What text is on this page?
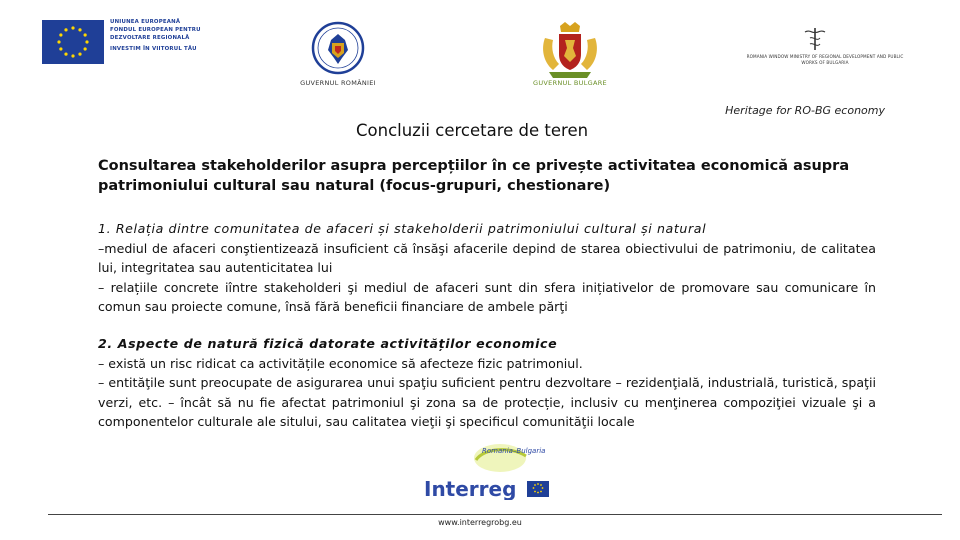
UNIUNEA EUROPEANĂ
FONDUL EUROPEAN PENTRU
DEZVOLTARE REGIONALĂ
INVESTIM ÎN VIITORUL TĂU
GUVERNUL ROMÂNIEI	GUVERNUL BULGARE
ROMANIA WINDOW MINISTRY OF REGIONAL DEVELOPMENT AND PUBLIC WORKS OF BULGARIA
Heritage for RO-BG economy
Concluzii cercetare de teren
Consultarea stakeholderilor asupra percepțiilor în ce privește activitatea economică asupra patrimoniului cultural sau natural (focus-grupuri, chestionare)
1. Relația dintre comunitatea de afaceri și stakeholderii patrimoniului cultural și natural
–mediul de afaceri conştientizează insuficient că însăşi afacerile depind de starea obiectivului de patrimoniu, de calitatea lui, integritatea sau autenticitatea lui
– relațiile concrete iîntre stakeholderi şi mediul de afaceri sunt din sfera inițiativelor de promovare sau comunicare în comun sau proiecte comune, însă fără beneficii financiare de ambele părţi
2. Aspecte de natură fizică datorate activităților economice
– există un risc ridicat ca activitățile economice să afecteze fizic patrimoniul.
– entităţile sunt preocupate de asigurarea unui spaţiu suficient pentru dezvoltare – rezidenţială, industrială, turistică, spaţii verzi, etc. – încât să nu fie afectat patrimoniul şi zona sa de protecție, inclusiv cu menţinerea compoziţiei vizuale şi a componentelor culturale ale sitului, sau calitatea vieţii şi specificul comunităţii locale
Romania–Bulgaria
Interreg
www.interregrobg.eu
